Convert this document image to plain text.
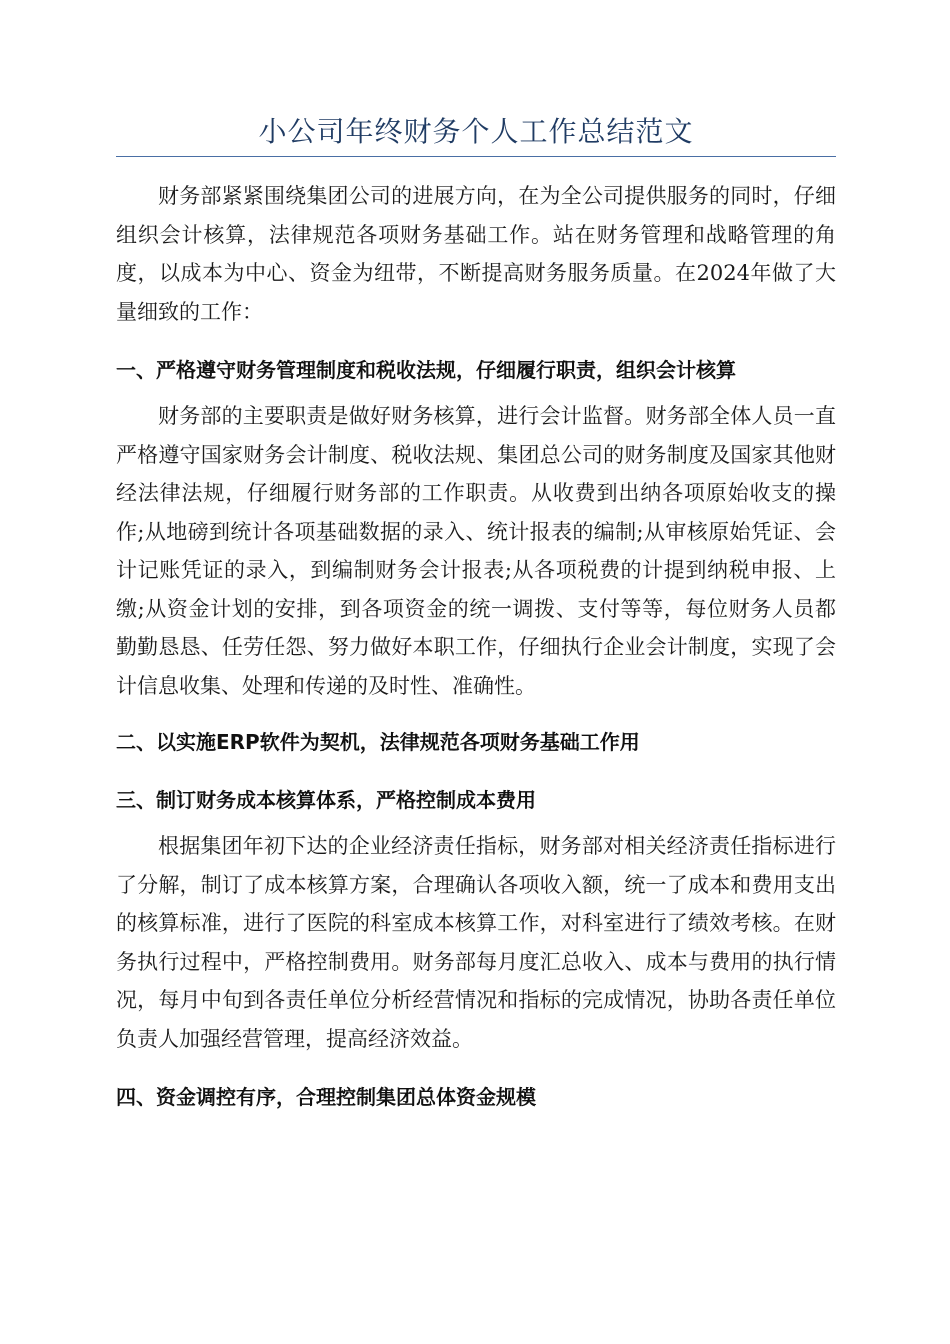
小公司年终财务个人工作总结范文

财务部紧紧围绕集团公司的进展方向，在为全公司提供服务的同时，仔细组织会计核算，法律规范各项财务基础工作。站在财务管理和战略管理的角度，以成本为中心、资金为纽带，不断提高财务服务质量。在2024年做了大量细致的工作：

一、严格遵守财务管理制度和税收法规，仔细履行职责，组织会计核算

财务部的主要职责是做好财务核算，进行会计监督。财务部全体人员一直严格遵守国家财务会计制度、税收法规、集团总公司的财务制度及国家其他财经法律法规，仔细履行财务部的工作职责。从收费到出纳各项原始收支的操作;从地磅到统计各项基础数据的录入、统计报表的编制;从审核原始凭证、会计记账凭证的录入，到编制财务会计报表;从各项税费的计提到纳税申报、上缴;从资金计划的安排，到各项资金的统一调拨、支付等等，每位财务人员都勤勤恳恳、任劳任怨、努力做好本职工作，仔细执行企业会计制度，实现了会计信息收集、处理和传递的及时性、准确性。

二、以实施ERP软件为契机，法律规范各项财务基础工作用
三、制订财务成本核算体系，严格控制成本费用

根据集团年初下达的企业经济责任指标，财务部对相关经济责任指标进行了分解，制订了成本核算方案，合理确认各项收入额，统一了成本和费用支出的核算标准，进行了医院的科室成本核算工作，对科室进行了绩效考核。在财务执行过程中，严格控制费用。财务部每月度汇总收入、成本与费用的执行情况，每月中旬到各责任单位分析经营情况和指标的完成情况，协助各责任单位负责人加强经营管理，提高经济效益。

四、资金调控有序，合理控制集团总体资金规模
